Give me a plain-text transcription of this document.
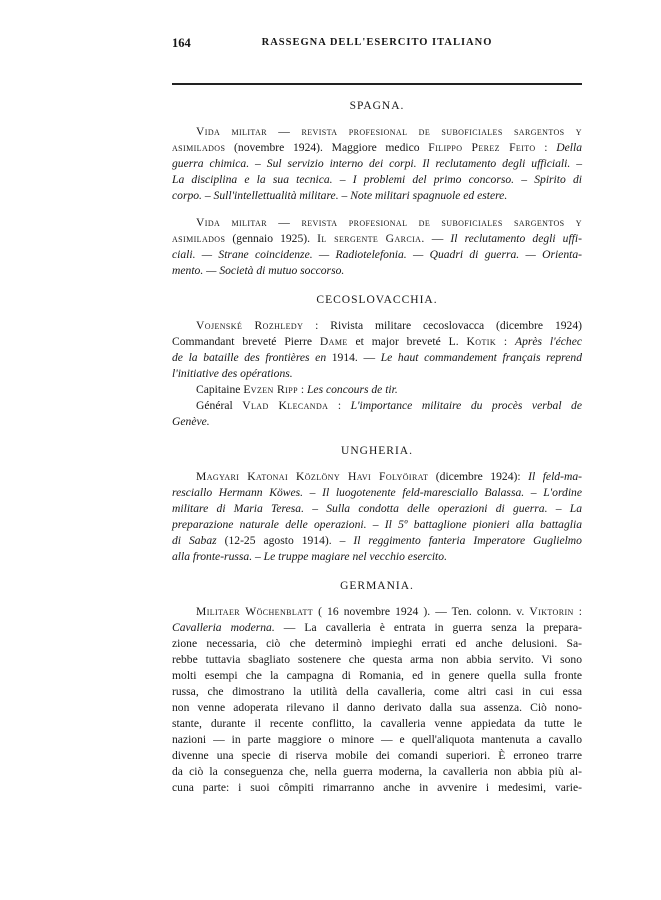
164	RASSEGNA DELL'ESERCITO ITALIANO
SPAGNA.
Vida militar — revista profesional de suboficiales sargentos y
asimilados (novembre 1924). Maggiore medico Filippo Perez Feito : Della
guerra chimica. – Sul servizio interno dei corpi. Il reclutamento degli ufficiali. –
La disciplina e la sua tecnica. – I problemi del primo concorso. – Spirito di
corpo. – Sull'intellettualità militare. – Note militari spagnuole ed estere.
Vida militar — revista profesional de suboficiales sargentos y
asimilados (gennaio 1925). Il sergente Garcia. — Il reclutamento degli uffi-
ciali. — Strane coincidenze. — Radiotelefonia. — Quadri di guerra. — Orienta-
mento. — Società di mutuo soccorso.
CECOSLOVACCHIA.
Vojenské Rozhledy : Rivista militare cecoslovacca (dicembre 1924)
Commandant breveté Pierre Dame et major breveté L. Kotik : Après l'échec
de la bataille des frontières en 1914. — Le haut commandement français reprend
l'initiative des opérations.
Capitaine Evzen Ripp : Les concours de tir.
Général Vlad Klecanda : L'importance militaire du procès verbal de
Genève.
UNGHERIA.
Magyari Katonai Közlöny Havi Folyöirat (dicembre 1924): Il feld-ma-
resciallo Hermann Köwes. – Il luogotenente feld-maresciallo Balassa. – L'ordine
militare di Maria Teresa. – Sulla condotta delle operazioni di guerra. – La
preparazione naturale delle operazioni. – Il 5º battaglione pionieri alla battaglia
di Sabaz (12-25 agosto 1914). – Il reggimento fanteria Imperatore Guglielmo
alla fronte-russa. – Le truppe magiare nel vecchio esercito.
GERMANIA.
Militaer Wöchenblatt ( 16 novembre 1924 ). — Ten. colonn. v. Viktorin :
Cavalleria moderna. — La cavalleria è entrata in guerra senza la prepara-
zione necessaria, ciò che determinò impieghi errati ed anche delusioni. Sa-
rebbe tuttavia sbagliato sostenere che questa arma non abbia servito. Vi sono
molti esempi che la campagna di Romania, ed in genere quella sulla fronte
russa, che dimostrano la utilità della cavalleria, come altri casi in cui essa
non venne adoperata rilevano il danno derivato dalla sua assenza. Ciò nono-
stante, durante il recente conflitto, la cavalleria venne appiedata da tutte le
nazioni — in parte maggiore o minore — e quell'aliquota mantenuta a cavallo
divenne una specie di riserva mobile dei comandi superiori. È erroneo trarre
da ciò la conseguenza che, nella guerra moderna, la cavalleria non abbia più al-
cuna parte: i suoi cômpiti rimarranno anche in avvenire i medesimi, varie-
